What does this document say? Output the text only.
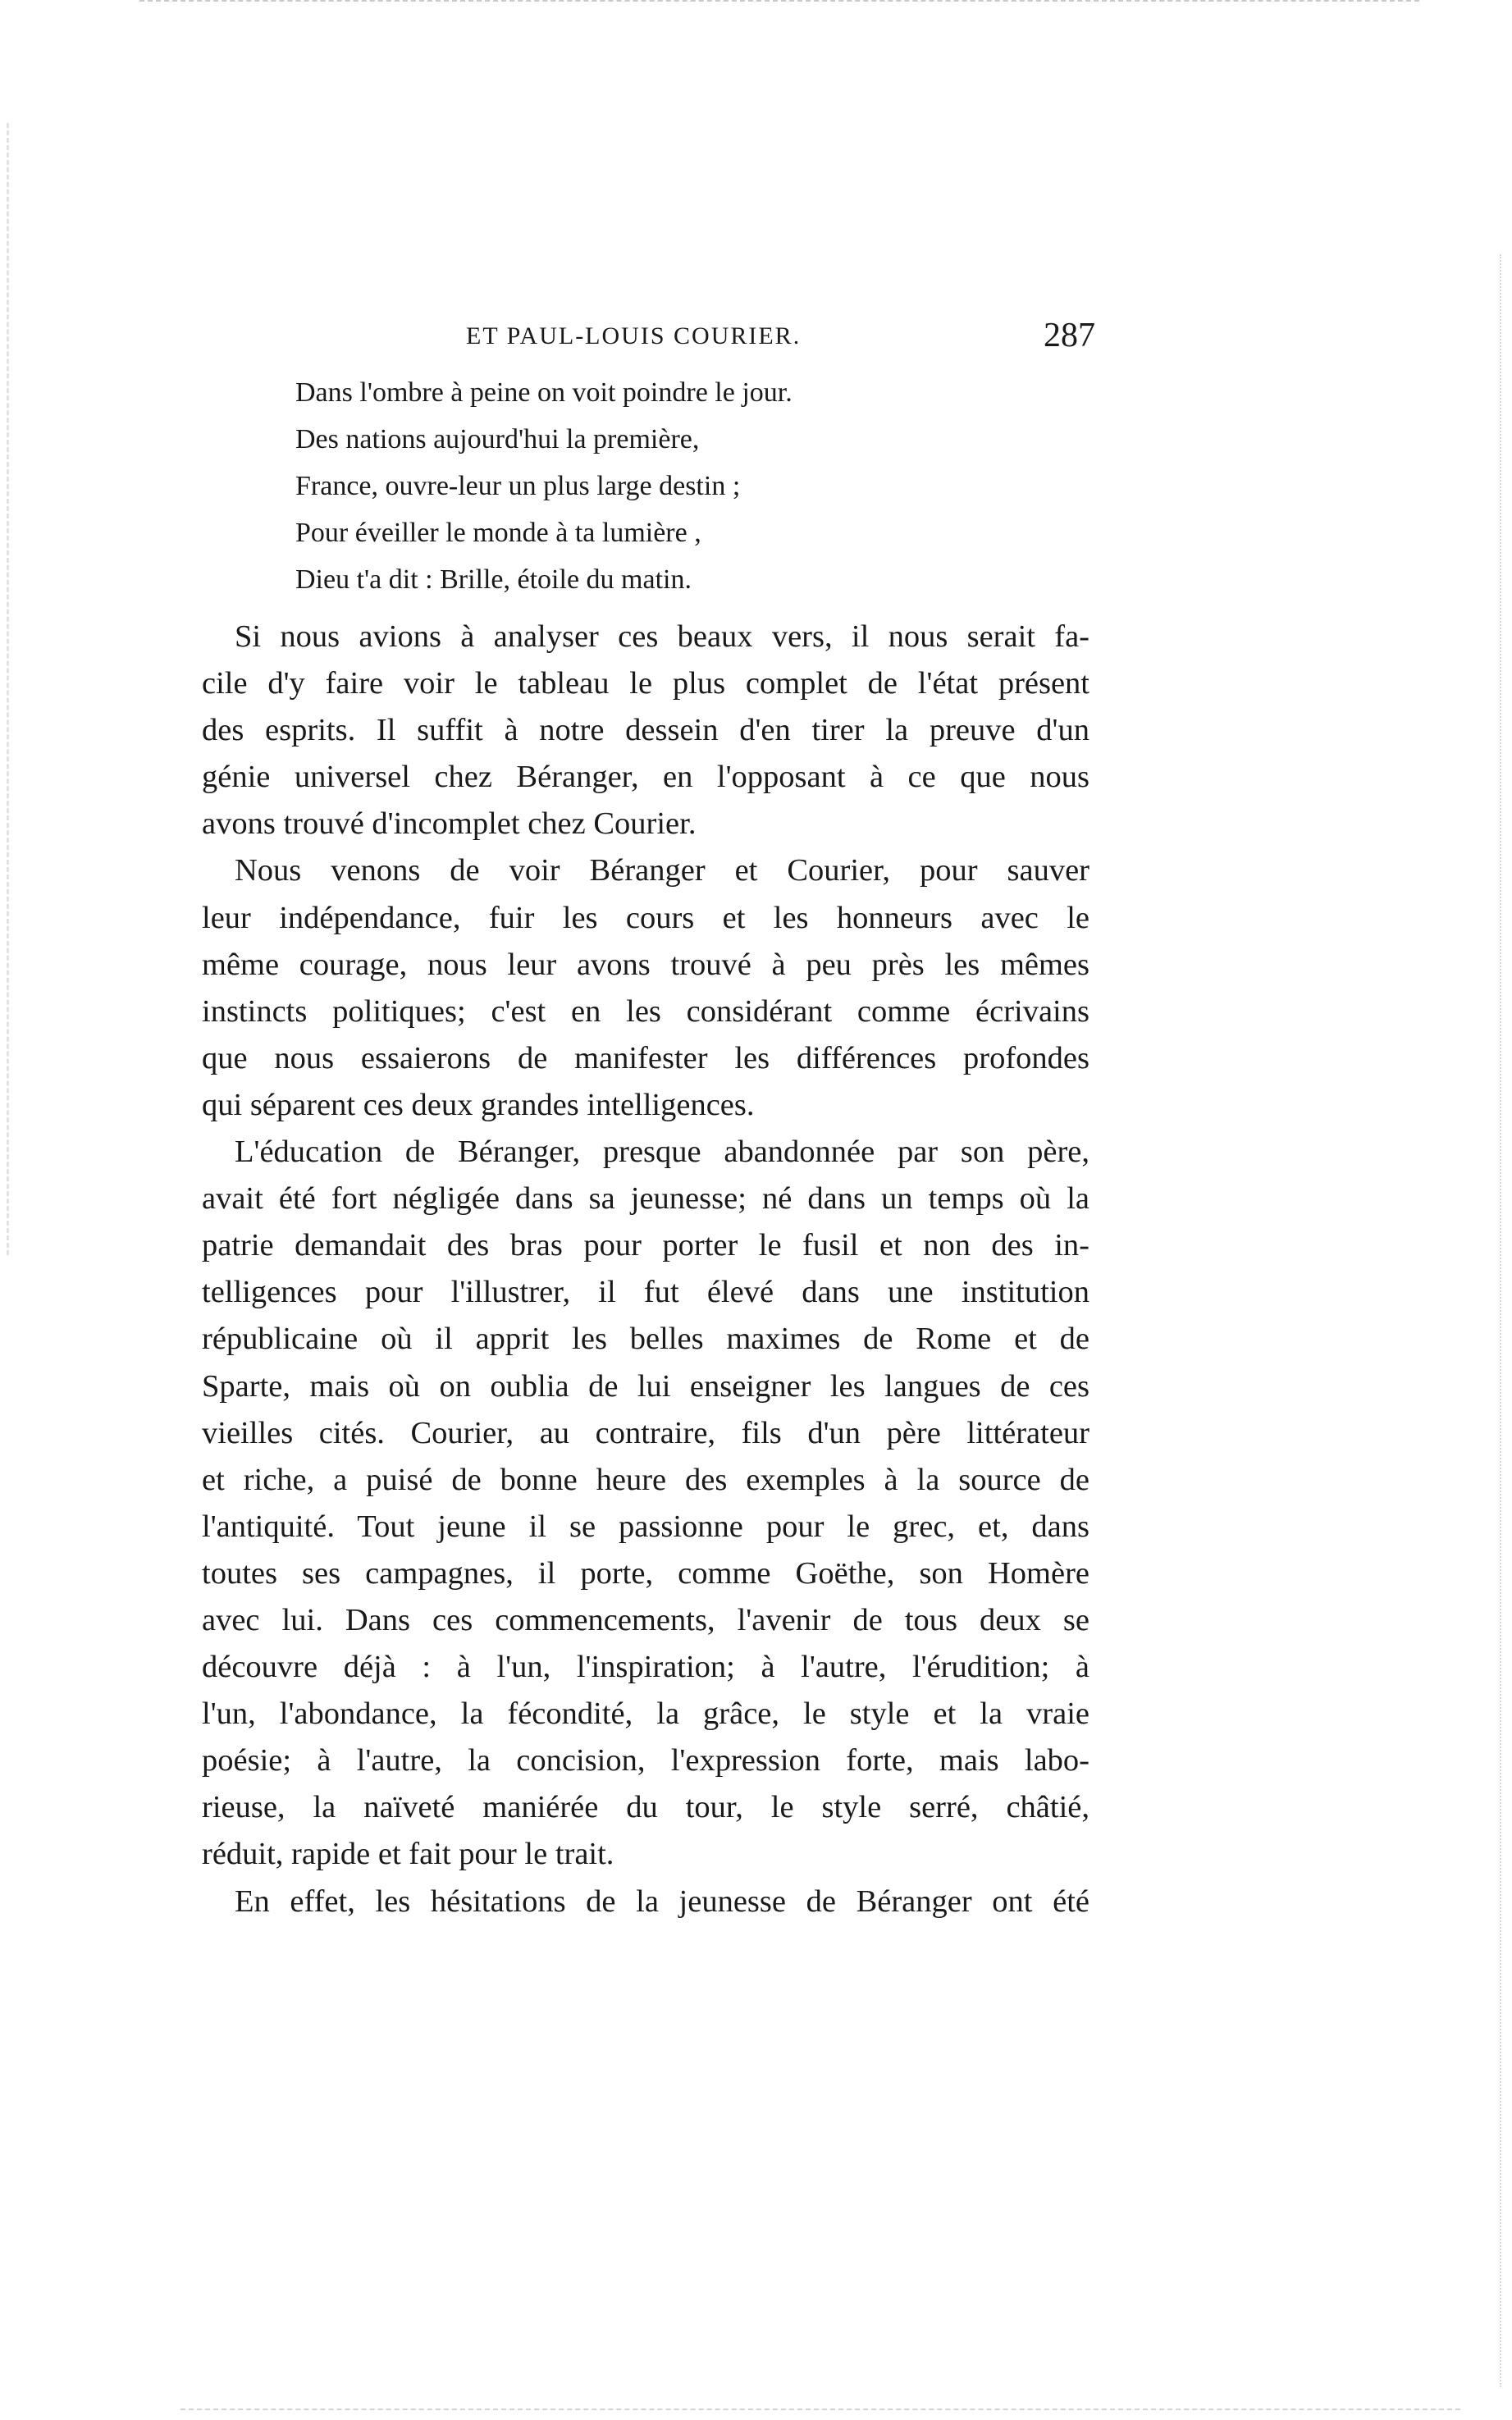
ET PAUL-LOUIS COURIER.	287
Dans l'ombre à peine on voit poindre le jour.
Des nations aujourd'hui la première,
France, ouvre-leur un plus large destin ;
Pour éveiller le monde à ta lumière ,
Dieu t'a dit : Brille, étoile du matin.
Si nous avions à analyser ces beaux vers, il nous serait fa-
cile d'y faire voir le tableau le plus complet de l'état présent
des esprits. Il suffit à notre dessein d'en tirer la preuve d'un
génie universel chez Béranger, en l'opposant à ce que nous
avons trouvé d'incomplet chez Courier.
Nous venons de voir Béranger et Courier, pour sauver
leur indépendance, fuir les cours et les honneurs avec le
même courage, nous leur avons trouvé à peu près les mêmes
instincts politiques; c'est en les considérant comme écrivains
que nous essaierons de manifester les différences profondes
qui séparent ces deux grandes intelligences.
L'éducation de Béranger, presque abandonnée par son père,
avait été fort négligée dans sa jeunesse; né dans un temps où la
patrie demandait des bras pour porter le fusil et non des in-
telligences pour l'illustrer, il fut élevé dans une institution
républicaine où il apprit les belles maximes de Rome et de
Sparte, mais où on oublia de lui enseigner les langues de ces
vieilles cités. Courier, au contraire, fils d'un père littérateur
et riche, a puisé de bonne heure des exemples à la source de
l'antiquité. Tout jeune il se passionne pour le grec, et, dans
toutes ses campagnes, il porte, comme Goëthe, son Homère
avec lui. Dans ces commencements, l'avenir de tous deux se
découvre déjà : à l'un, l'inspiration; à l'autre, l'érudition; à
l'un, l'abondance, la fécondité, la grâce, le style et la vraie
poésie; à l'autre, la concision, l'expression forte, mais labo-
rieuse, la naïveté maniérée du tour, le style serré, châtié,
réduit, rapide et fait pour le trait.
En effet, les hésitations de la jeunesse de Béranger ont été
